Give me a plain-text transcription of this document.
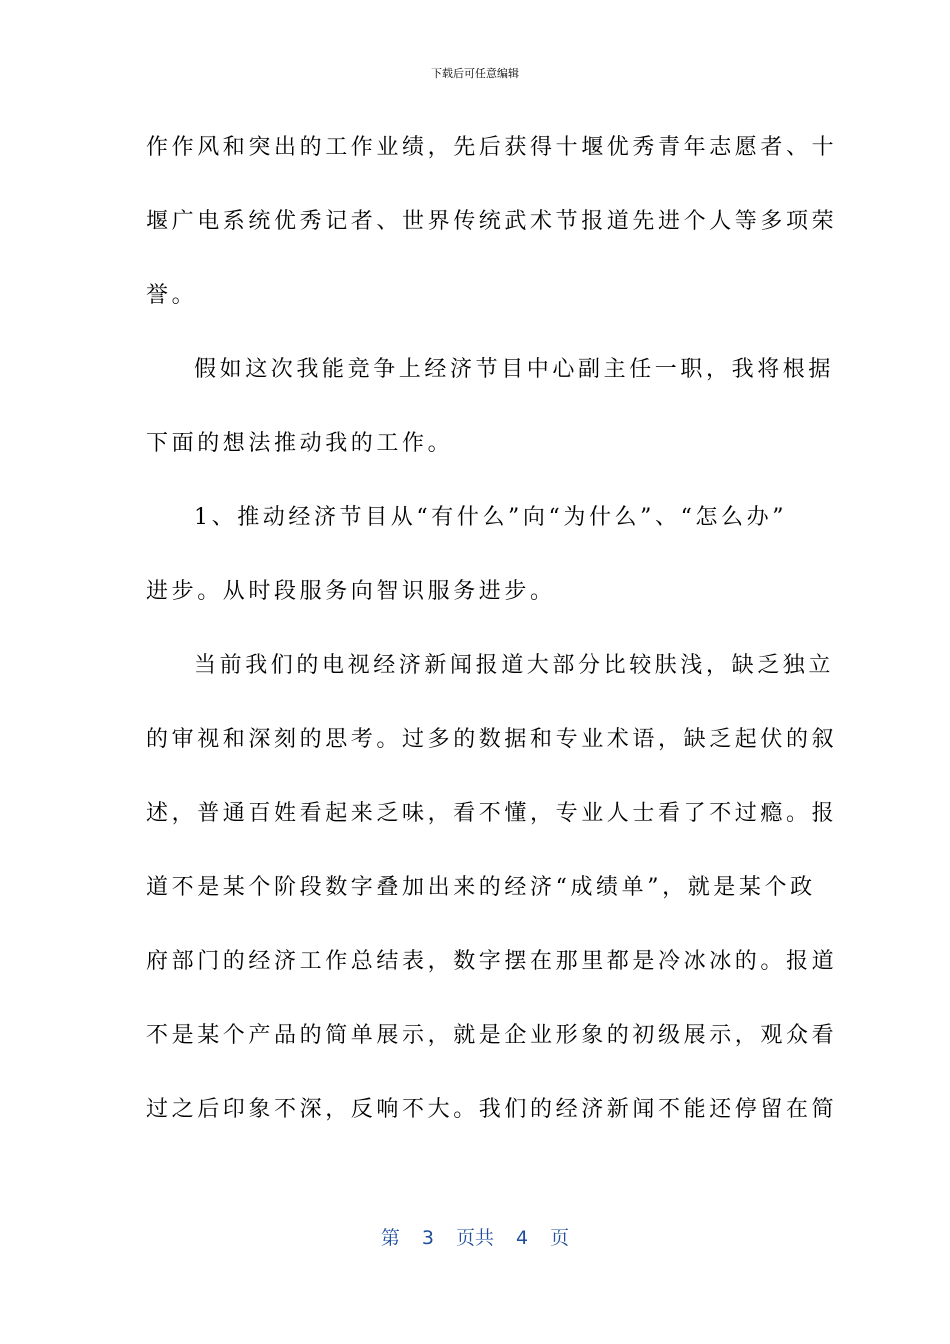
下载后可任意编辑
作作风和突出的工作业绩，先后获得十堰优秀青年志愿者、十
堰广电系统优秀记者、世界传统武术节报道先进个人等多项荣
誉。
假如这次我能竞争上经济节目中心副主任一职，我将根据
下面的想法推动我的工作。
1、推动经济节目从“有什么”向“为什么”、“怎么办”
进步。从时段服务向智识服务进步。
当前我们的电视经济新闻报道大部分比较肤浅，缺乏独立
的审视和深刻的思考。过多的数据和专业术语，缺乏起伏的叙
述，普通百姓看起来乏味，看不懂，专业人士看了不过瘾。报
道不是某个阶段数字叠加出来的经济“成绩单”，就是某个政
府部门的经济工作总结表，数字摆在那里都是冷冰冰的。报道
不是某个产品的简单展示，就是企业形象的初级展示，观众看
过之后印象不深，反响不大。我们的经济新闻不能还停留在简
第 3 页共 4 页
